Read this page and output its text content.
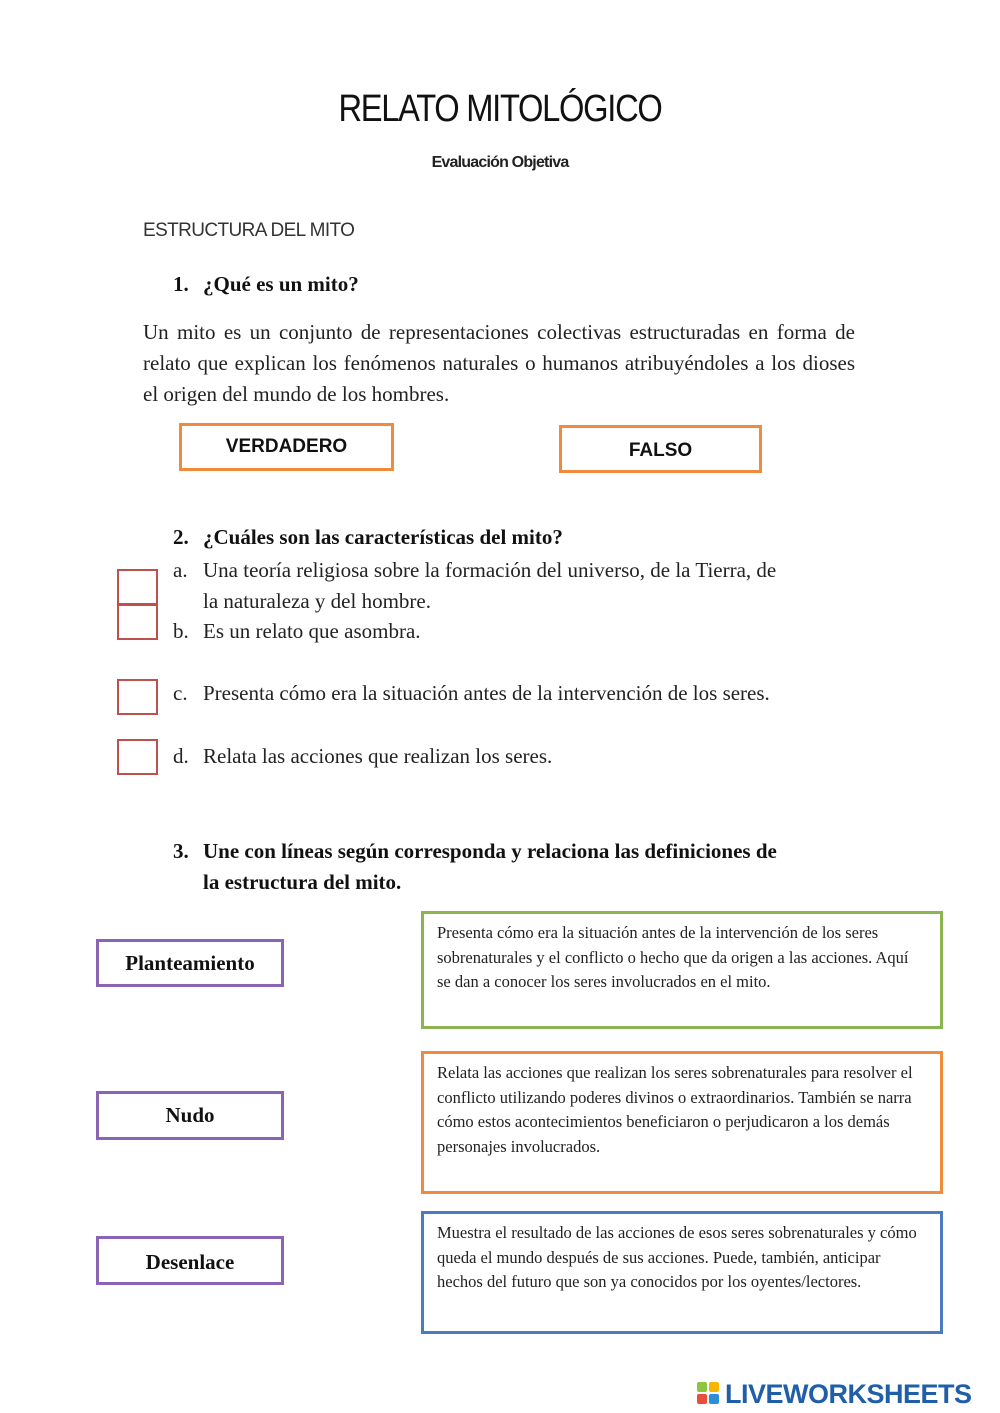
RELATO MITOLÓGICO
Evaluación Objetiva
ESTRUCTURA DEL MITO
1. ¿Qué es un mito?
Un mito es un conjunto de representaciones colectivas estructuradas en forma de relato que explican los fenómenos naturales o humanos atribuyéndoles a los dioses el origen del mundo de los hombres.
VERDADERO	FALSO
2. ¿Cuáles son las características del mito?
a. Una teoría religiosa sobre la formación del universo, de la Tierra, de
la naturaleza y del hombre.
b. Es un relato que asombra.
c. Presenta cómo era la situación antes de la intervención de los seres.
d. Relata las acciones que realizan los seres.
3. Une con líneas según corresponda y relaciona las definiciones de
la estructura del mito.
Planteamiento
Nudo
Desenlace
Presenta cómo era la situación antes de la intervención de los seres sobrenaturales y el conflicto o hecho que da origen a las acciones. Aquí se dan a conocer los seres involucrados en el mito.
Relata las acciones que realizan los seres sobrenaturales para resolver el conflicto utilizando poderes divinos o extraordinarios. También se narra cómo estos acontecimientos beneficiaron o perjudicaron a los demás personajes involucrados.
Muestra el resultado de las acciones de esos seres sobrenaturales y cómo queda el mundo después de sus acciones. Puede, también, anticipar hechos del futuro que son ya conocidos por los oyentes/lectores.
LIVEWORKSHEETS
